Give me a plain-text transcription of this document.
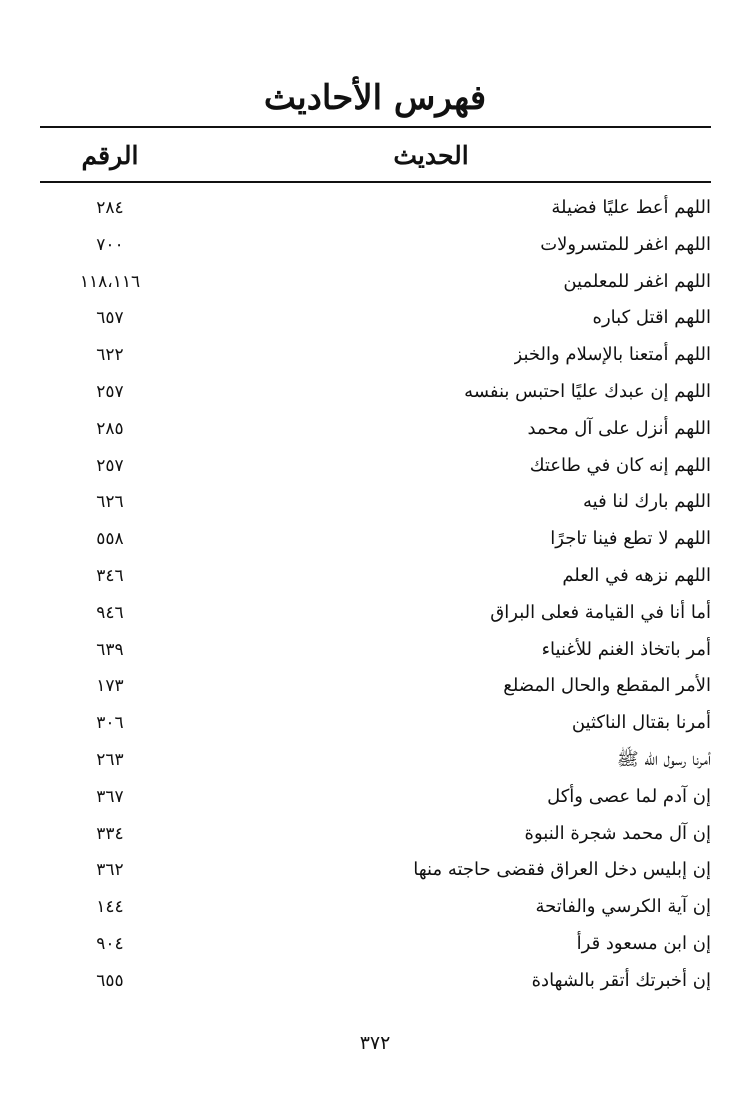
فهرس الأحاديث
الحديث
الرقم
اللهم أعط عليًا فضيلة
٢٨٤
اللهم اغفر للمتسرولات
٧٠٠
اللهم اغفر للمعلمين
١١٨،١١٦
اللهم اقتل كباره
٦٥٧
اللهم أمتعنا بالإسلام والخبز
٦٢٢
اللهم إن عبدك عليًا احتبس بنفسه
٢٥٧
اللهم أنزل على آل محمد
٢٨٥
اللهم إنه كان في طاعتك
٢٥٧
اللهم بارك لنا فيه
٦٢٦
اللهم لا تطع فينا تاجرًا
٥٥٨
اللهم نزهه في العلم
٣٤٦
أما أنا في القيامة فعلى البراق
٩٤٦
أمر باتخاذ الغنم للأغنياء
٦٣٩
الأمر المقطع والحال المضلع
١٧٣
أمرنا بقتال الناكثين
٣٠٦
أمرنا رسول الله ﷺ
٢٦٣
إن آدم لما عصى وأكل
٣٦٧
إن آل محمد شجرة النبوة
٣٣٤
إن إبليس دخل العراق فقضى حاجته منها
٣٦٢
إن آية الكرسي والفاتحة
١٤٤
إن ابن مسعود قرأ
٩٠٤
إن أخبرتك أتقر بالشهادة
٦٥٥
٣٧٢
